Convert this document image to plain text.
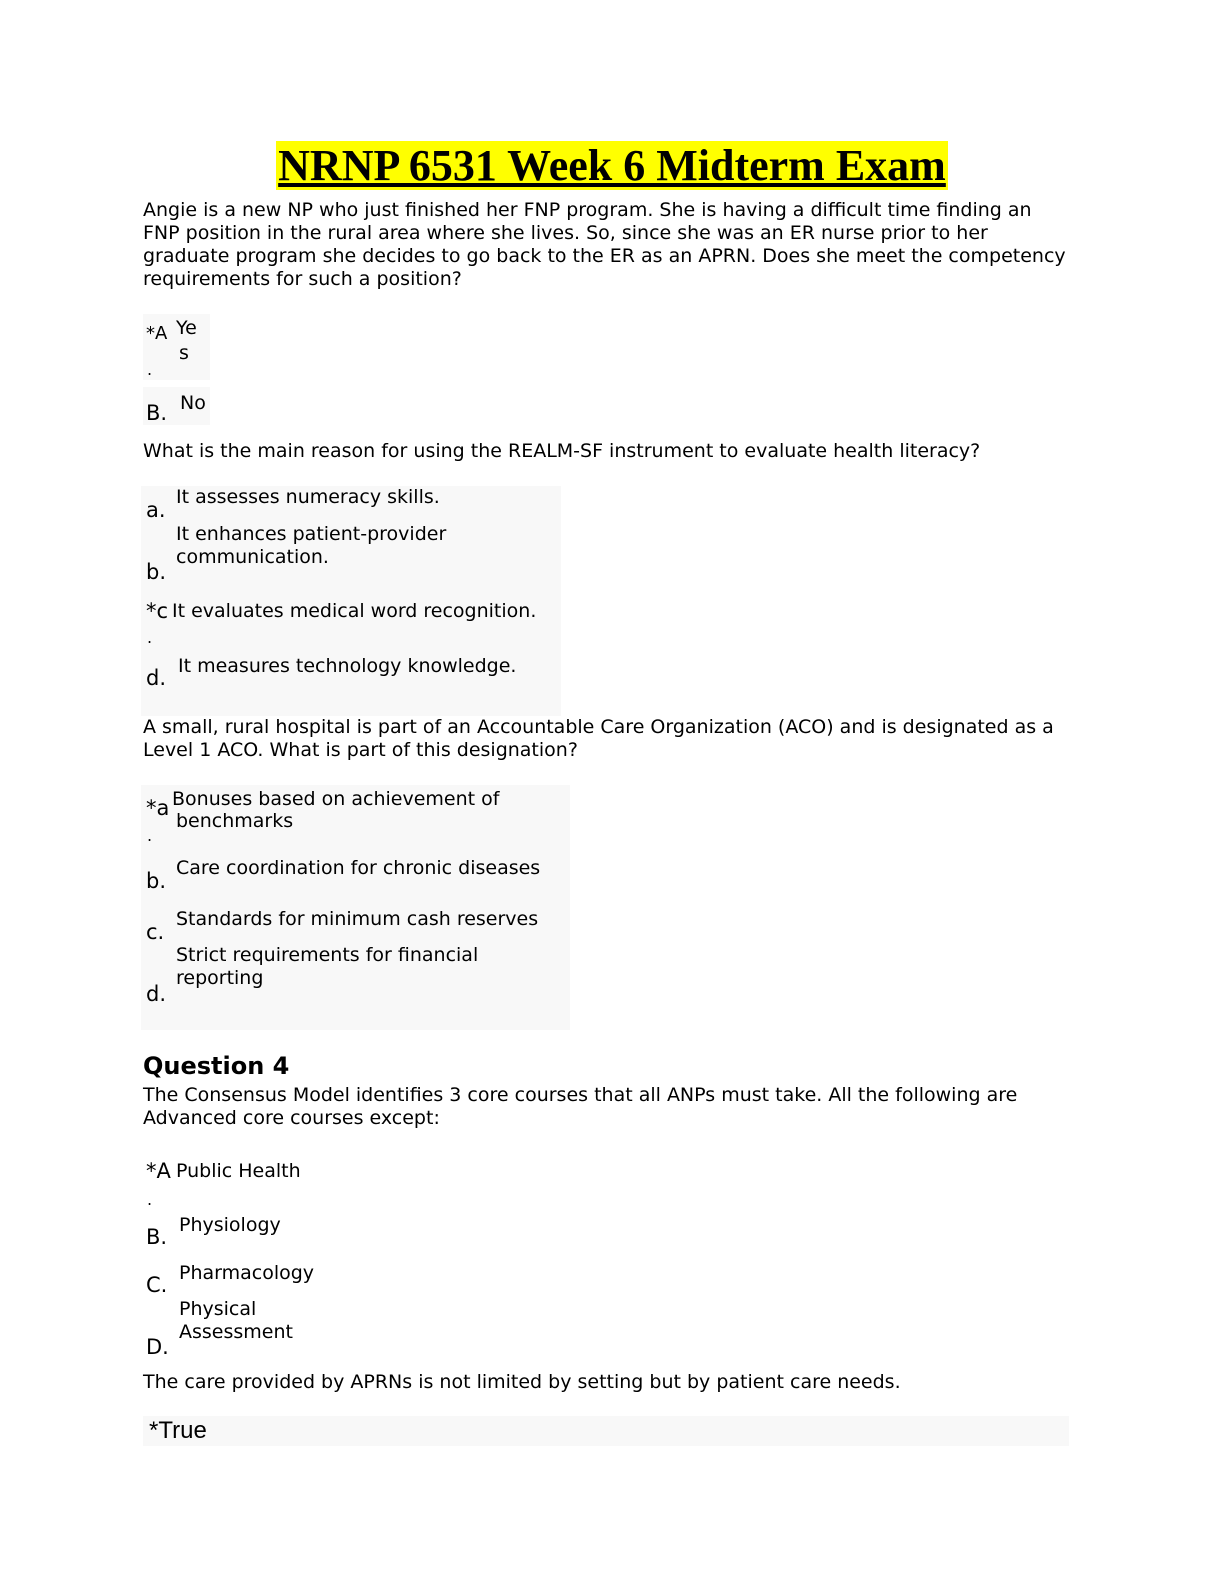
NRNP 6531 Week 6 Midterm Exam
Angie is a new NP who just finished her FNP program. She is having a difficult time finding an FNP position in the rural area where she lives. So, since she was an ER nurse prior to her graduate program she decides to go back to the ER as an APRN. Does she meet the competency requirements for such a position?
*A Ye
s
.
B. No
What is the main reason for using the REALM-SF instrument to evaluate health literacy?
a.
It assesses numeracy skills.
b.
It enhances patient-provider communication.
*c It evaluates medical word recognition.
.
d. It measures technology knowledge.
A small, rural hospital is part of an Accountable Care Organization (ACO) and is designated as a Level 1 ACO. What is part of this designation?
*a Bonuses based on achievement of
benchmarks
.
b.
Care coordination for chronic diseases
c.
Standards for minimum cash reserves
d.
Strict requirements for financial reporting
Question 4
The Consensus Model identifies 3 core courses that all ANPs must take. All the following are Advanced core courses except:
*A Public Health
.
B. Physiology
C. Pharmacology
D.
Physical Assessment
The care provided by APRNs is not limited by setting but by patient care needs.
*True
